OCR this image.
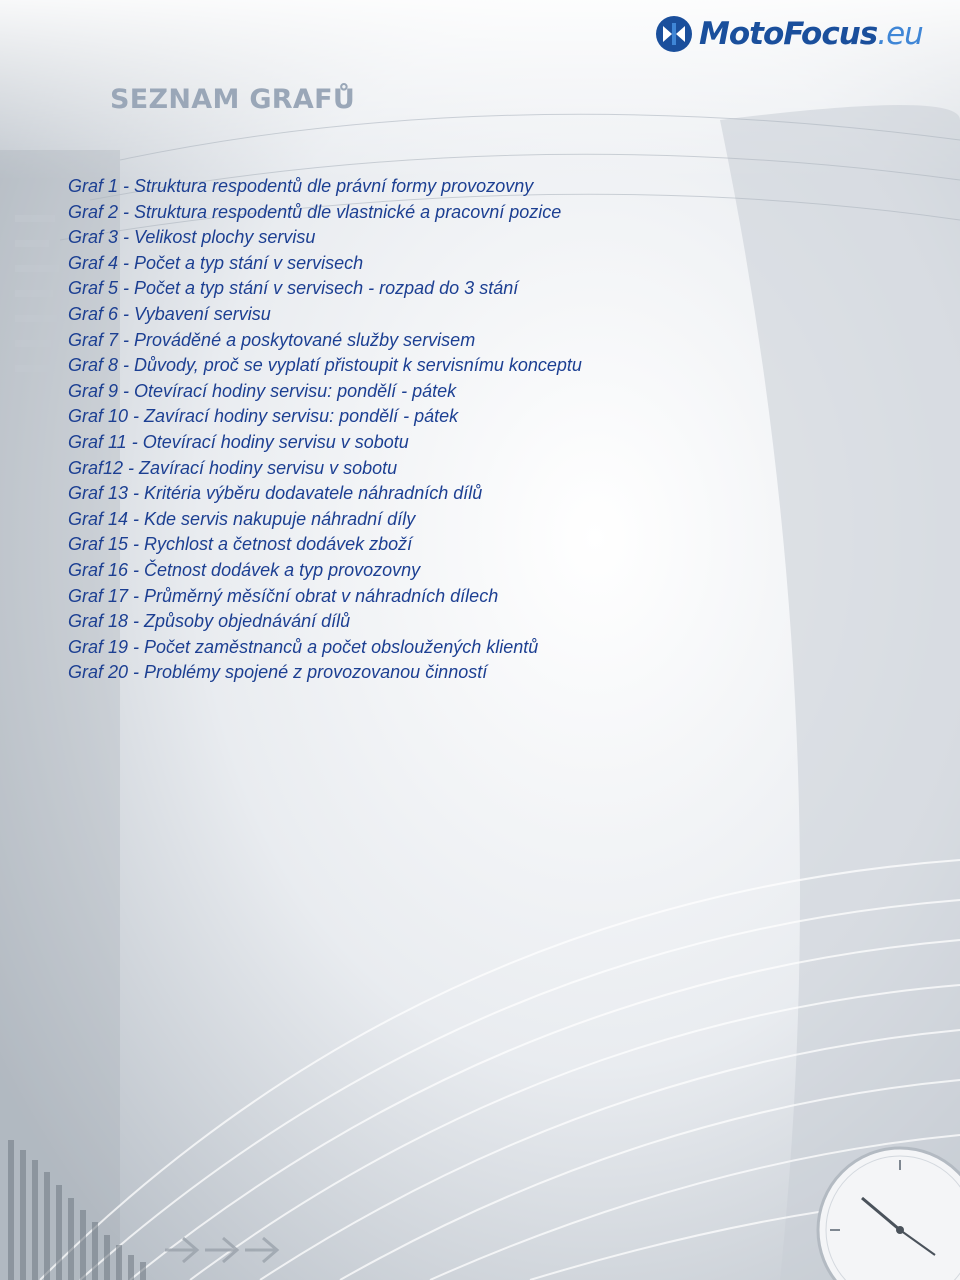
MotoFocus .eu
SEZNAM GRAFŮ
Graf 1 - Struktura respodentů dle právní formy provozovny
Graf 2 - Struktura respodentů dle vlastnické a pracovní pozice
Graf 3 - Velikost plochy servisu
Graf 4 - Počet a typ stání v servisech
Graf 5 - Počet a typ stání v servisech - rozpad do 3 stání
Graf 6 - Vybavení servisu
Graf 7 - Prováděné a poskytované služby servisem
Graf 8 - Důvody, proč se vyplatí přistoupit k servisnímu konceptu
Graf 9 - Otevírací hodiny servisu: pondělí - pátek
Graf 10 - Zavírací hodiny servisu: pondělí - pátek
Graf 11 - Otevírací hodiny servisu v sobotu
Graf12 - Zavírací hodiny servisu v sobotu
Graf 13 - Kritéria výběru dodavatele náhradních dílů
Graf 14 - Kde servis nakupuje náhradní díly
Graf 15 - Rychlost a četnost dodávek zboží
Graf 16 - Četnost dodávek a typ provozovny
Graf 17 - Průměrný měsíční obrat v náhradních dílech
Graf 18 - Způsoby objednávání dílů
Graf 19 - Počet zaměstnanců a počet obsloužených klientů
Graf 20 - Problémy spojené z provozovanou činností
